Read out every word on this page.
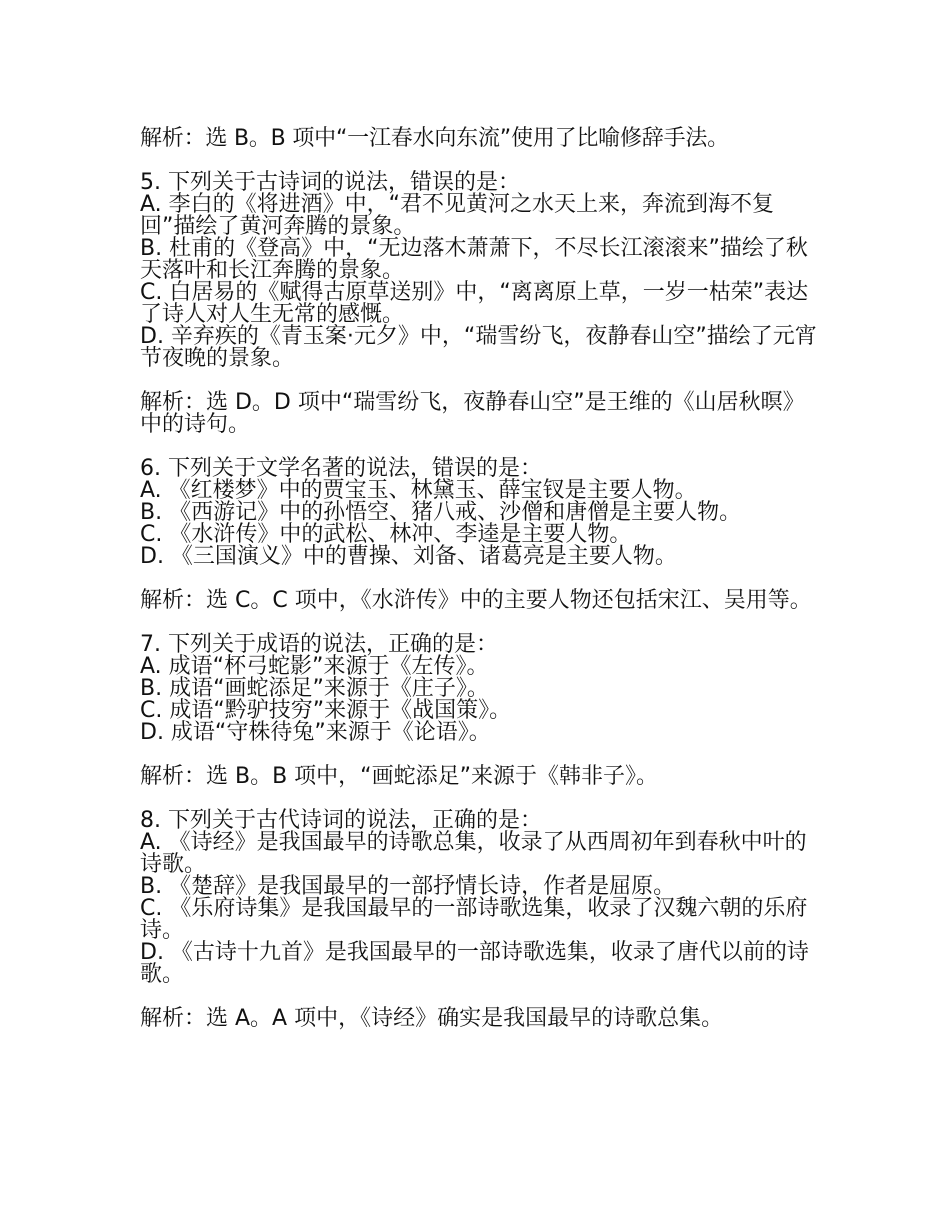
解析：选 B。B 项中“一江春水向东流”使用了比喻修辞手法。

5. 下列关于古诗词的说法，错误的是：
A. 李白的《将进酒》中，“君不见黄河之水天上来，奔流到海不复回”描绘了黄河奔腾的景象。
B. 杜甫的《登高》中，“无边落木萧萧下，不尽长江滚滚来”描绘了秋天落叶和长江奔腾的景象。
C. 白居易的《赋得古原草送别》中，“离离原上草，一岁一枯荣”表达了诗人对人生无常的感慨。
D. 辛弃疾的《青玉案·元夕》中，“瑞雪纷飞，夜静春山空”描绘了元宵节夜晚的景象。
解析：选 D。D 项中“瑞雪纷飞，夜静春山空”是王维的《山居秋暝》中的诗句。
6. 下列关于文学名著的说法，错误的是：
A. 《红楼梦》中的贾宝玉、林黛玉、薛宝钗是主要人物。
B. 《西游记》中的孙悟空、猪八戒、沙僧和唐僧是主要人物。
C. 《水浒传》中的武松、林冲、李逵是主要人物。
D. 《三国演义》中的曹操、刘备、诸葛亮是主要人物。
解析：选 C。C 项中，《水浒传》中的主要人物还包括宋江、吴用等。
7. 下列关于成语的说法，正确的是：
A. 成语“杯弓蛇影”来源于《左传》。
B. 成语“画蛇添足”来源于《庄子》。
C. 成语“黔驴技穷”来源于《战国策》。
D. 成语“守株待兔”来源于《论语》。
解析：选 B。B 项中，“画蛇添足”来源于《韩非子》。
8. 下列关于古代诗词的说法，正确的是：
A. 《诗经》是我国最早的诗歌总集，收录了从西周初年到春秋中叶的诗歌。
B. 《楚辞》是我国最早的一部抒情长诗，作者是屈原。
C. 《乐府诗集》是我国最早的一部诗歌选集，收录了汉魏六朝的乐府诗。
D. 《古诗十九首》是我国最早的一部诗歌选集，收录了唐代以前的诗歌。
解析：选 A。A 项中，《诗经》确实是我国最早的诗歌总集。
